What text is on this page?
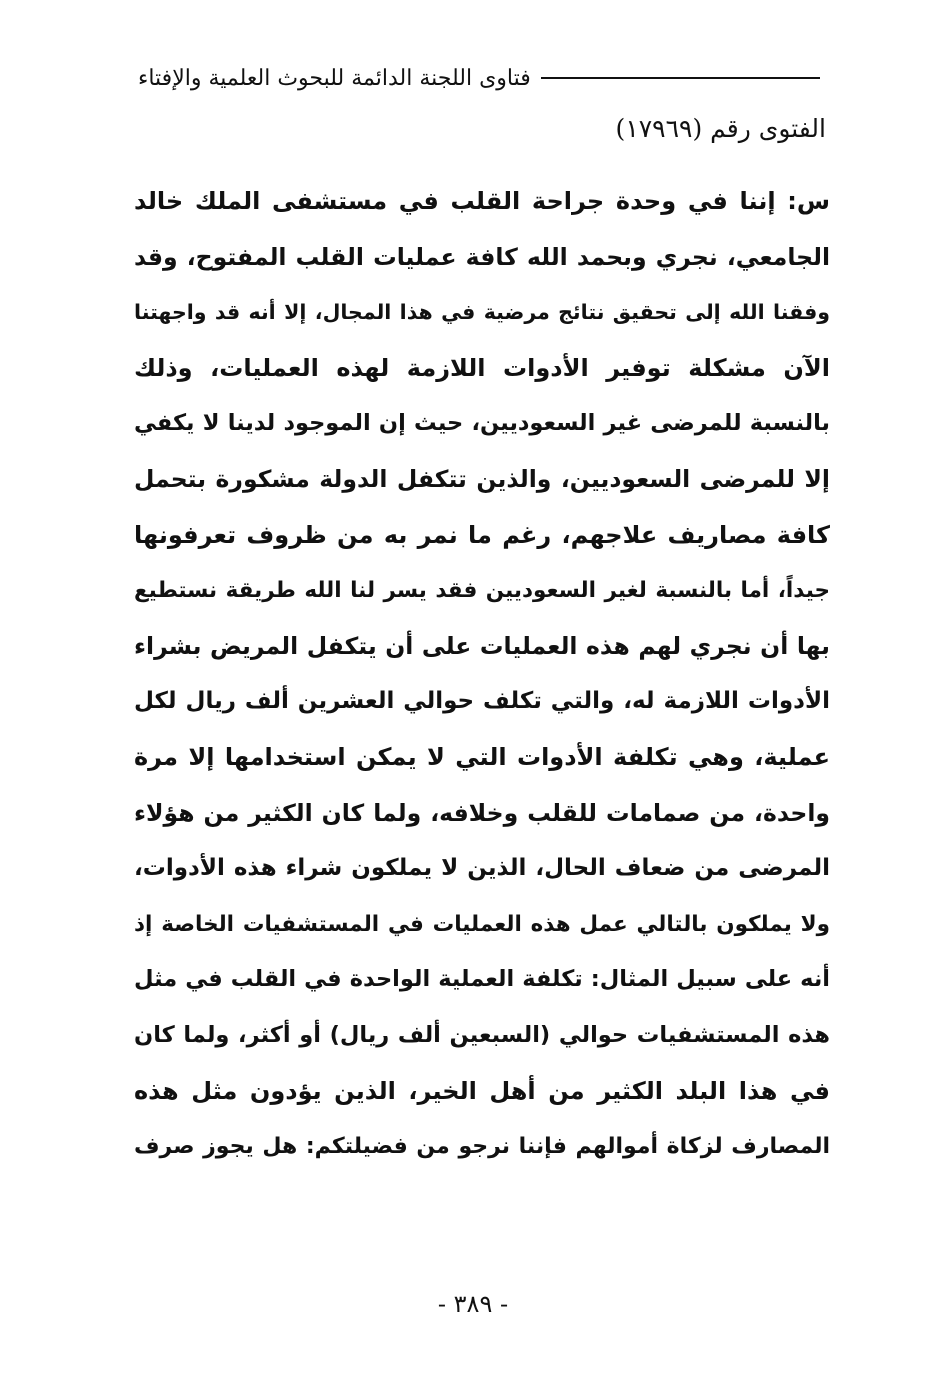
فتاوى اللجنة الدائمة للبحوث العلمية والإفتاء
الفتوى رقم (١٧٩٦٩)
س: إننا في وحدة جراحة القلب في مستشفى الملك خالد
الجامعي، نجري وبحمد الله كافة عمليات القلب المفتوح، وقد
وفقنا الله إلى تحقيق نتائج مرضية في هذا المجال، إلا أنه قد واجهتنا
الآن مشكلة توفير الأدوات اللازمة لهذه العمليات، وذلك
بالنسبة للمرضى غير السعوديين، حيث إن الموجود لدينا لا يكفي
إلا للمرضى السعوديين، والذين تتكفل الدولة مشكورة بتحمل
كافة مصاريف علاجهم، رغم ما نمر به من ظروف تعرفونها
جيداً، أما بالنسبة لغير السعوديين فقد يسر لنا الله طريقة نستطيع
بها أن نجري لهم هذه العمليات على أن يتكفل المريض بشراء
الأدوات اللازمة له، والتي تكلف حوالي العشرين ألف ريال لكل
عملية، وهي تكلفة الأدوات التي لا يمكن استخدامها إلا مرة
واحدة، من صمامات للقلب وخلافه، ولما كان الكثير من هؤلاء
المرضى من ضعاف الحال، الذين لا يملكون شراء هذه الأدوات،
ولا يملكون بالتالي عمل هذه العمليات في المستشفيات الخاصة إذ
أنه على سبيل المثال: تكلفة العملية الواحدة في القلب في مثل
هذه المستشفيات حوالي (السبعين ألف ريال) أو أكثر، ولما كان
في هذا البلد الكثير من أهل الخير، الذين يؤدون مثل هذه
المصارف لزكاة أموالهم فإننا نرجو من فضيلتكم: هل يجوز صرف
- ٣٨٩ -
